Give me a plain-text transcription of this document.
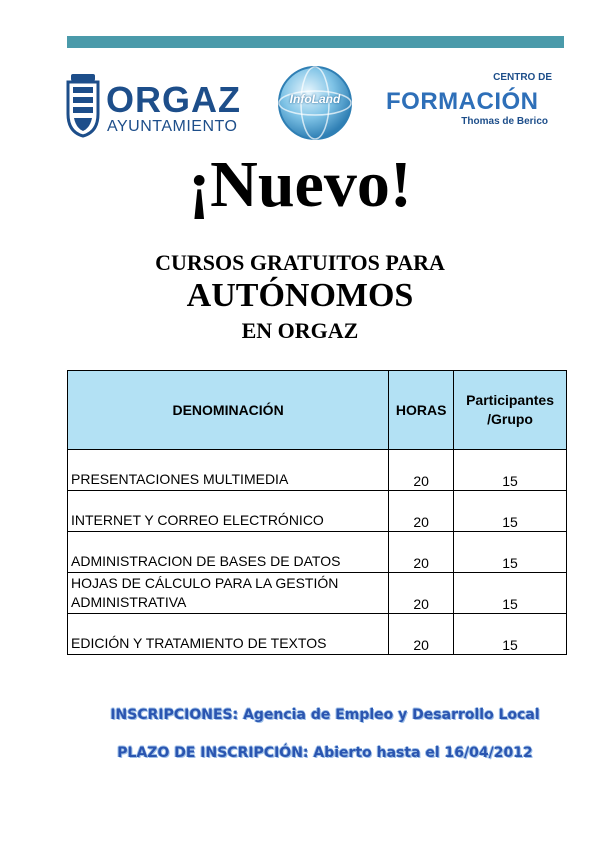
ORGAZ
AYUNTAMIENTO
InfoLand
CENTRO DE
FORMACIÓN
Thomas de Berico
¡Nuevo!
CURSOS GRATUITOS PARA
AUTÓNOMOS
EN ORGAZ
DENOMINACIÓN	HORAS	Participantes
/Grupo
PRESENTACIONES MULTIMEDIA	20	15
INTERNET Y CORREO ELECTRÓNICO	20	15
ADMINISTRACION DE BASES DE DATOS	20	15
HOJAS DE CÁLCULO PARA LA GESTIÓN
ADMINISTRATIVA	20	15
EDICIÓN Y TRATAMIENTO DE TEXTOS	20	15
INSCRIPCIONES: Agencia de Empleo y Desarrollo Local
PLAZO DE INSCRIPCIÓN: Abierto hasta el 16/04/2012
